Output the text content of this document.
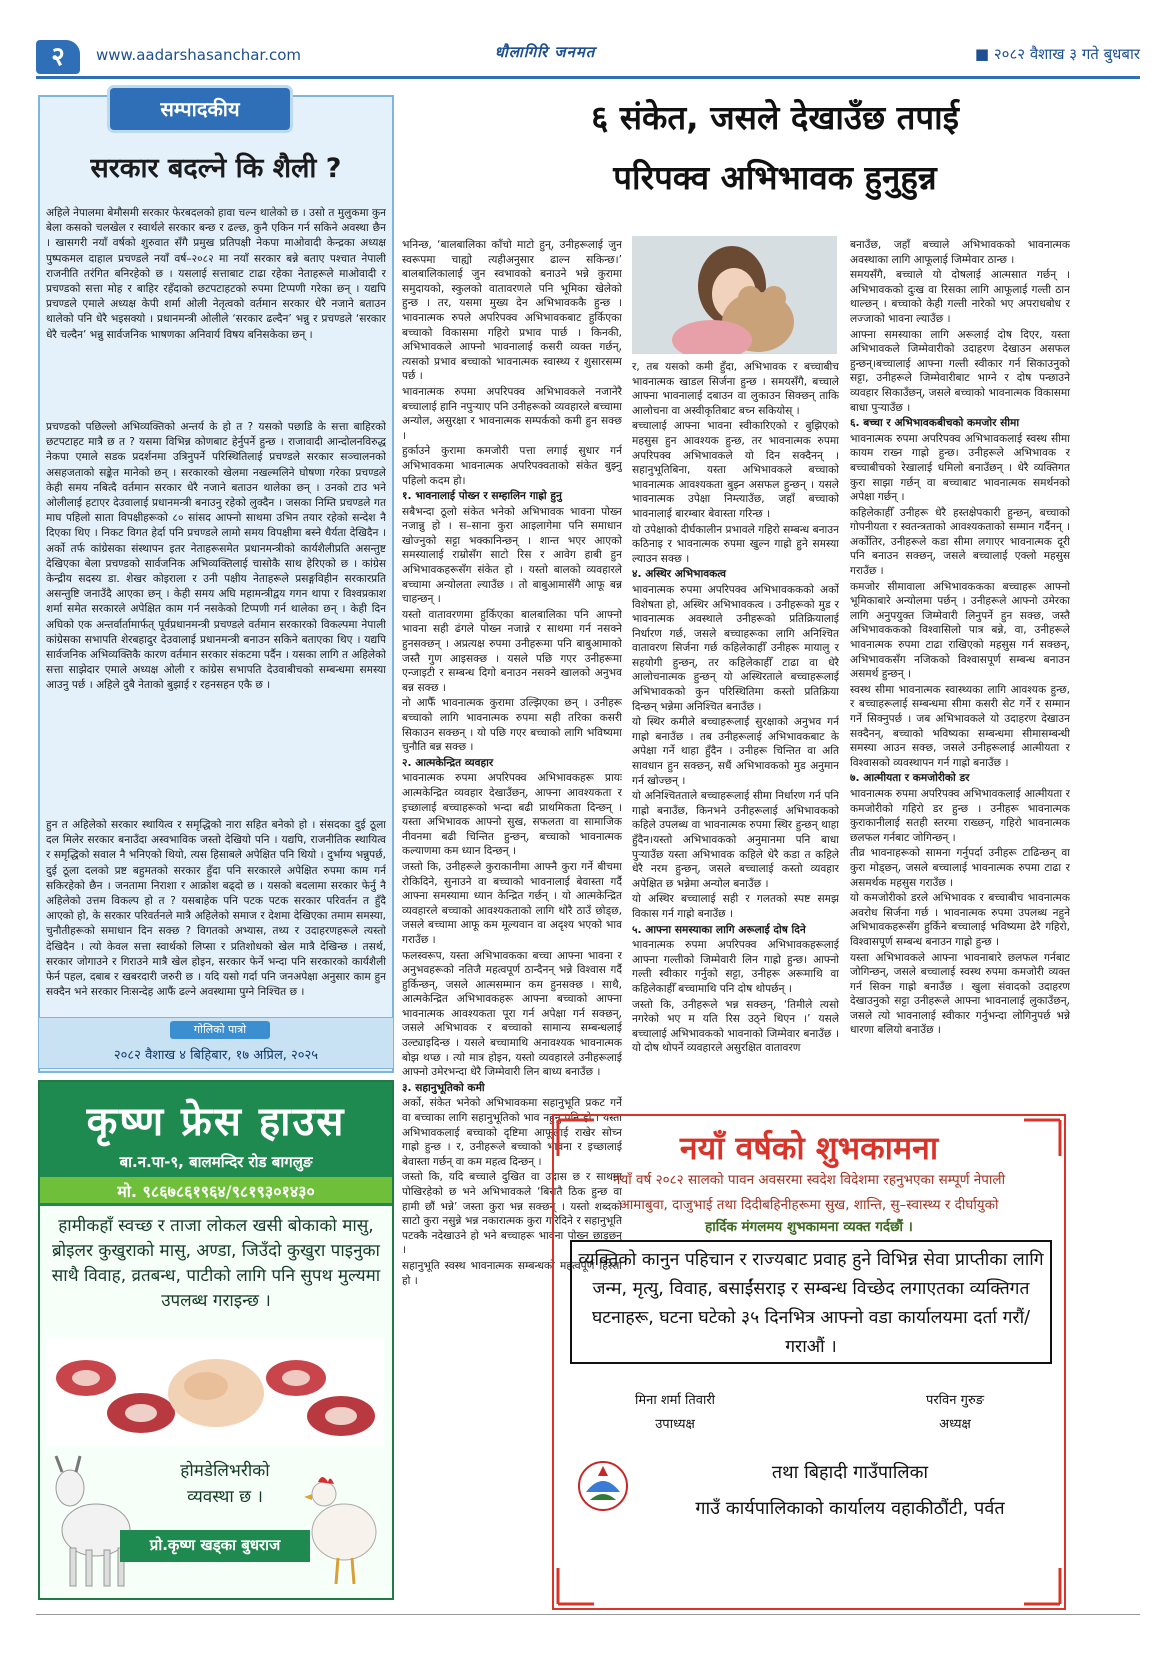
२	www.aadarshasanchar.com	धौलागिरि जनमत	■ २०८२ वैशाख ३ गते बुधबार
सम्पादकीय
सरकार बदल्ने कि शैली ?
अहिले नेपालमा बेमौसमी सरकार फेरबदलको हावा चल्न थालेको छ । उसो त मुलुकमा कुन बेला कसको चलखेल र स्वार्थले सरकार बन्छ र ढल्छ, कुनै एकिन गर्न सकिने अवस्था छैन । खासगरी नयाँ वर्षको शुरुवात सँगै प्रमुख प्रतिपक्षी नेकपा माओवादी केन्द्रका अध्यक्ष पुष्पकमल दाहाल प्रचण्डले नयाँ वर्ष–२०८२ मा नयाँ सरकार बन्ने बताए पश्चात नेपाली राजनीति तरंगित बनिरहेको छ । यसलाई सत्ताबाट टाढा रहेका नेताहरूले माओवादी र प्रचण्डको सत्ता मोह र बाहिर रहँदाको छटपटाहटको रुपमा टिप्पणी गरेका छन् । यद्यपि प्रचण्डले एमाले अध्यक्ष केपी शर्मा ओली नेतृत्वको वर्तमान सरकार धेरै नजाने बताउन थालेको पनि धेरै भइसक्यो । प्रधानमन्त्री ओलीले ‘सरकार ढल्दैन’ भन्नु र प्रचण्डले ‘सरकार धेरै चल्दैन’ भन्नु सार्वजनिक भाषणका अनिवार्य विषय बनिसकेका छन् ।
प्रचण्डको पछिल्लो अभिव्यक्तिको अन्तर्य के हो त ? यसको पछाडि के सत्ता बाहिरको छटपटाहट मात्रै छ त ? यसमा विभिन्न कोणबाट हेर्नुपर्ने हुन्छ । राजावादी आन्दोलनविरुद्ध नेकपा एमाले सडक प्रदर्शनमा उत्रिनुपर्ने परिस्थितिलाई प्रचण्डले सरकार सञ्चालनको असहजताको सङ्केत मानेको छन् । सरकारको खेलमा नखल्मलिने घोषणा गरेका प्रचण्डले केही समय नबित्दै वर्तमान सरकार धेरै नजाने बताउन थालेका छन् । उनको टाउ भने ओलीलाई हटाएर देउवालाई प्रधानमन्त्री बनाउनु रहेको लुक्दैन । जसका निम्ति प्रचण्डले गत माघ पहिलो साता विपक्षीहरूको ८० सांसद आफ्नो साथमा उभिन तयार रहेको सन्देश नै दिएका थिए । निकट विगत हेर्दा पनि प्रचण्डले लामो समय विपक्षीमा बस्ने धैर्यता देखिदैन । अर्को तर्फ कांग्रेसका संस्थापन इतर नेताहरूसमेत प्रधानमन्त्रीको कार्यशैलीप्रति असन्तुष्ट देखिएका बेला प्रचण्डको सार्वजनिक अभिव्यक्तिलाई चासोकै साथ हेरिएको छ । कांग्रेस केन्द्रीय सदस्य डा. शेखर कोइराला र उनी पक्षीय नेताहरूले प्रसङ्गविहीन सरकारप्रति असन्तुष्टि जनाउँदै आएका छन् । केही समय अघि महामन्त्रीद्वय गगन थापा र विश्वप्रकाश शर्मा समेत सरकारले अपेक्षित काम गर्न नसकेको टिप्पणी गर्न थालेका छन् । केही दिन अघिको एक अन्तर्वार्तामार्फत् पूर्वप्रधानमन्त्री प्रचण्डले वर्तमान सरकारको विकल्पमा नेपाली कांग्रेसका सभापति शेरबहादुर देउवालाई प्रधानमन्त्री बनाउन सकिने बताएका थिए । यद्यपि सार्वजनिक अभिव्यक्तिकै कारण वर्तमान सरकार संकटमा पर्दैन । यसका लागि त अहिलेको सत्ता साझेदार एमाले अध्यक्ष ओली र कांग्रेस सभापति देउवाबीचको सम्बन्धमा समस्या आउनु पर्छ । अहिले दुबै नेताको बुझाई र रहनसहन एकै छ ।
हुन त अहिलेको सरकार स्थायित्व र समृद्धिको नारा सहित बनेको हो । संसदका दुई ठूला दल मिलेर सरकार बनाउँदा अस्वभाविक जस्तो देखियो पनि । यद्यपि, राजनीतिक स्थायित्व र समृद्धिको सवाल नै भनिएको थियो, त्यस हिसाबले अपेक्षित पनि थियो । दुर्भाग्य भन्नुपर्छ, दुई ठूला दलको प्रष्ट बहुमतको सरकार हुँदा पनि सरकारले अपेक्षित रुपमा काम गर्न सकिरहेको छैन । जनतामा निराशा र आक्रोश बढ्दो छ । यसको बदलामा सरकार फेर्नु नै अहिलेको उत्तम विकल्प हो त ? यसबाहेक पनि पटक पटक सरकार परिवर्तन त हुँदै आएको हो, के सरकार परिवर्तनले मात्रै अहिलेको समाज र देशमा देखिएका तमाम समस्या, चुनौतीहरूको समाधान दिन सक्छ ? विगतको अभ्यास, तथ्य र उदाहरणहरूले त्यस्तो देखिदैन । त्यो केवल सत्ता स्वार्थको लिप्सा र प्रतिशोधको खेल मात्रै देखिन्छ । तसर्थ, सरकार जोगाउने र गिराउने मात्रै खेल होइन, सरकार फेर्ने भन्दा पनि सरकारको कार्यशैली फेर्न पहल, दबाब र खबरदारी जरुरी छ । यदि यसो गर्दा पनि जनअपेक्षा अनुसार काम हुन सक्दैन भने सरकार निःसन्देह आफैं ढल्ने अवस्थामा पुग्ने निश्चित छ ।
गोलिको पात्रो
२०८२ वैशाख ४ बिहिबार, १७ अप्रिल, २०२५
कृष्ण फ्रेस हाउस
बा.न.पा-९, बालमन्दिर रोड बागलुङ
मो. ९८६७८६१९६४/९८१९३०१४३०
हामीकहाँ स्वच्छ र ताजा लोकल खसी बोकाको मासु, ब्रोइलर कुखुराको मासु, अण्डा, जिउँदो कुखुरा पाइनुका साथै विवाह, व्रतबन्ध, पाटीको लागि पनि सुपथ मुल्यमा उपलब्ध गराइन्छ ।
होमडेलिभरीको
व्यवस्था छ ।
प्रो.कृष्ण खड्का बुधराज
६ संकेत, जसले देखाउँछ तपाई
परिपक्व अभिभावक हुनुहुन्न

भनिन्छ, ‘बालबालिका काँचो माटो हुन्, उनीहरूलाई जुन स्वरूपमा चाह्यो त्यहीअनुसार ढाल्न सकिन्छ।’ बालबालिकालाई जुन स्वभावको बनाउने भन्ने कुरामा समुदायको, स्कुलको वातावरणले पनि भूमिका खेलेको हुन्छ । तर, यसमा मुख्य देन अभिभावककै हुन्छ । भावनात्मक रुपले अपरिपक्व अभिभावकबाट हुर्किएका बच्चाको विकासमा गहिरो प्रभाव पार्छ । किनकी, अभिभावकले आफ्नो भावनालाई कसरी व्यक्त गर्छन्, त्यसको प्रभाव बच्चाको भावनात्मक स्वास्थ्य र शुसारसम्म पर्छ ।

भावनात्मक रुपमा अपरिपक्व अभिभावकले नजानेरै बच्चालाई हानि नपुर्‍याए पनि उनीहरूको व्यवहारले बच्चामा अन्योल, असुरक्षा र भावनात्मक सम्पर्कको कमी हुन सक्छ ।

हुर्काउने कुरामा कमजोरी पत्ता लगाई सुधार गर्न अभिभावकमा भावनात्मक अपरिपक्वताको संकेत बुझ्नु पहिलो कदम हो।

१. भावनालाई पोख्न र सम्हालिन गाह्रो हुनु

सबैभन्दा ठूलो संकेत भनेको अभिभावक भावना पोख्न नजान्नु हो । स–साना कुरा आइलागेमा पनि समाधान खोज्नुको सट्टा भक्कानिन्छन् । शान्त भएर आएको समस्यालाई राम्रोसँग साटो रिस र आवेग हाबी हुन अभिभावकहरूसँग संकेत हो । यस्तो बालको व्यवहारले बच्चामा अन्योलता ल्याउँछ । तो बाबुआमासँगै आफू बन्न चाहन्छन् ।

यस्तो वातावरणमा हुर्किएका बालबालिका पनि आफ्नो भावना सही ढंगले पोख्न नजान्ने र साथमा गर्न नसक्ने हुनसक्छन् । अप्रत्यक्ष रुपमा उनीहरूमा पनि बाबुआमाको जस्तै गुण आइसक्छ । यसले पछि गएर उनीहरूमा एन्जाइटी र सम्बन्ध दिगो बनाउन नसक्ने खालको अनुभव बन्न सक्छ ।

नो आफैँ भावनात्मक कुरामा उल्झिएका छन् । उनीहरू बच्चाको लागि भावनात्मक रुपमा सही तरिका कसरी सिकाउन सक्छन् । यो पछि गएर बच्चाको लागि भविष्यमा चुनौति बन्न सक्छ ।

२. आत्मकेन्द्रित व्यवहार

भावनात्मक रुपमा अपरिपक्व अभिभावकहरू प्रायः आत्मकेन्द्रित व्यवहार देखाउँछन्, आफ्ना आवश्यकता र इच्छालाई बच्चाहरूको भन्दा बढी प्राथमिकता दिन्छन् । यस्ता अभिभावक आफ्नो सुख, सफलता वा सामाजिक नीवनमा बढी चिन्तित हुन्छन्, बच्चाको भावनात्मक कल्याणमा कम ध्यान दिन्छन् ।

जस्तो कि, उनीहरूले कुराकानीमा आफ्नै कुरा गर्ने बीचमा रोकिदिने, सुनाउने वा बच्चाको भावनालाई बेवास्ता गर्दै आफ्ना समस्यामा ध्यान केन्द्रित गर्छन् । यो आत्मकेन्द्रित व्यवहारले बच्चाको आवश्यकताको लागि थोरै ठाउँ छोड्छ, जसले बच्चामा आफू कम मूल्यवान वा अदृश्य भएको भाव गराउँछ ।

फलस्वरूप, यस्ता अभिभावकका बच्चा आफ्ना भावना र अनुभवहरूको नतिजै महत्वपूर्ण ठान्दैनन् भन्ने विश्वास गर्दै हुर्किन्छन्, जसले आत्मसम्मान कम हुनसक्छ । साथै, आत्मकेन्द्रित अभिभावकहरू आफ्ना बच्चाको आफ्ना भावनात्मक आवश्यकता पूरा गर्न अपेक्षा गर्न सक्छन्, जसले अभिभावक र बच्चाको सामान्य सम्बन्धलाई उल्ट्याइदिन्छ । यसले बच्चामाथि अनावश्यक भावनात्मक बोझ थप्छ । त्यो मात्र होइन, यस्तो व्यवहारले उनीहरूलाई आफ्नो उमेरभन्दा धेरै जिम्मेवारी लिन बाध्य बनाउँछ ।

३. सहानुभूतिको कमी

अर्को, संकेत भनेको अभिभावकमा सहानुभूति प्रकट गर्ने वा बच्चाका लागि सहानुभूतिको भाव नहुनु पनि हो । यस्ता अभिभावकलाई बच्चाको दृष्टिमा आफूलाई राखेर सोच्न गाह्रो हुन्छ । र, उनीहरूले बच्चाको भावना र इच्छालाई बेवास्ता गर्छन् वा कम महत्व दिन्छन् ।

जस्तो कि, यदि बच्चाले दुखित वा उदास छ र साथमा पोखिरहेको छ भने अभिभावकले ‘बिरातै ठिक हुन्छ वा हामी छौं भन्ने’ जस्ता कुरा भन्न सक्छन् । यस्तो शब्दको साटो कुरा नसुन्ने भन्न नकारात्मक कुरा गरिदिने र सहानुभूति पटक्कै नदेखाउने हो भने बच्चाहरू भावना पोख्न छाड्छन् ।

सहानुभूति स्वस्थ भावनात्मक सम्बन्धको महत्वपूर्ण हिस्सा हो ।

र, तब यसको कमी हुँदा, अभिभावक र बच्चाबीच भावनात्मक खाडल सिर्जना हुन्छ । समयसँगै, बच्चाले आफ्ना भावनालाई दबाउन वा लुकाउन सिक्छन् ताकि आलोचना वा अस्वीकृतिबाट बच्न सकियोस् ।

बच्चालाई आफ्ना भावना स्वीकारिएको र बुझिएको महसुस हुन आवश्यक हुन्छ, तर भावनात्मक रुपमा अपरिपक्व अभिभावकले यो दिन सक्दैनन् । सहानुभूतिबिना, यस्ता अभिभावकले बच्चाको भावनात्मक आवश्यकता बुझ्न असफल हुन्छन् । यसले भावनात्मक उपेक्षा निम्त्याउँछ, जहाँ बच्चाको भावनालाई बारम्बार बेवास्ता गरिन्छ ।

यो उपेक्षाको दीर्घकालीन प्रभावले गहिरो सम्बन्ध बनाउन कठिनाइ र भावनात्मक रुपमा खुल्न गाह्रो हुने समस्या ल्याउन सक्छ ।

४. अस्थिर अभिभावकत्व

भावनात्मक रुपमा अपरिपक्व अभिभावककको अर्को विशेषता हो, अस्थिर अभिभावकत्व । उनीहरूको मुड र भावनात्मक अवस्थाले उनीहरूको प्रतिक्रियालाई निर्धारण गर्छ, जसले बच्चाहरूका लागि अनिश्चित वातावरण सिर्जना गर्छ कहिलेकाहीँ उनीहरू मायालु र सहयोगी हुन्छन्, तर कहिलेकाहीँ टाढा वा धेरै आलोचनात्मक हुन्छन् यो अस्थिरताले बच्चाहरूलाई अभिभावकको कुन परिस्थितिमा कस्तो प्रतिक्रिया दिन्छन् भन्नेमा अनिश्चित बनाउँछ ।

यो स्थिर कमीले बच्चाहरूलाई सुरक्षाको अनुभव गर्न गाह्रो बनाउँछ । तब उनीहरूलाई अभिभावकबाट के अपेक्षा गर्ने थाहा हुँदैन । उनीहरू चिन्तित वा अति सावधान हुन सक्छन्, सधैं अभिभावकको मुड अनुमान गर्न खोज्छन् ।

यो अनिश्चितताले बच्चाहरूलाई सीमा निर्धारण गर्न पनि गाह्रो बनाउँछ, किनभने उनीहरूलाई अभिभावकको कहिले उपलब्ध वा भावनात्मक रुपमा स्थिर हुन्छन् थाहा हुँदैन।यस्तो अभिभावकको अनुमानमा पनि बाधा पुर्‍याउँछ यस्ता अभिभावक कहिले धेरै कडा त कहिले धेरै नरम हुन्छन्, जसले बच्चालाई कस्तो व्यवहार अपेक्षित छ भन्नेमा अन्योल बनाउँछ ।

यो अस्थिर बच्चालाई सही र गलतको स्पष्ट समझ विकास गर्न गाह्रो बनाउँछ ।

५. आफ्ना समस्याका लागि अरूलाई दोष दिने

भावनात्मक रुपमा अपरिपक्व अभिभावकहरूलाई आफ्ना गल्तीको जिम्मेवारी लिन गाह्रो हुन्छ। आफ्नो गल्ती स्वीकार गर्नुको सट्टा, उनीहरू अरूमाथि वा कहिलेकाहीँ बच्चामाथि पनि दोष थोपर्छन् ।

जस्तो कि, उनीहरूले भन्न सक्छन्, ‘तिमीले त्यसो नगरेको भए म यति रिस उठ्ने थिएन ।’ यसले बच्चालाई अभिभावकको भावनाको जिम्मेवार बनाउँछ । यो दोष थोपर्ने व्यवहारले असुरक्षित वातावरण

बनाउँछ, जहाँ बच्चाले अभिभावकको भावनात्मक अवस्थाका लागि आफूलाई जिम्मेवार ठान्छ ।

समयसँगै, बच्चाले यो दोषलाई आत्मसात गर्छन् । अभिभावकको दुःख वा रिसका लागि आफूलाई गल्ती ठान थाल्छन् । बच्चाको केही गल्ती नारेको भए अपराधबोध र लज्जाको भावना ल्याउँछ ।

आफ्ना समस्याका लागि अरूलाई दोष दिएर, यस्ता अभिभावकले जिम्मेवारीको उदाहरण देखाउन असफल हुन्छन्।बच्चालाई आफ्ना गल्ती स्वीकार गर्न सिकाउनुको सट्टा, उनीहरूले जिम्मेवारीबाट भाग्ने र दोष पन्छाउने व्यवहार सिकाउँछन्, जसले बच्चाको भावनात्मक विकासमा बाधा पुर्‍याउँछ ।

६. बच्चा र अभिभावकबीचको कमजोर सीमा

भावनात्मक रुपमा अपरिपक्व अभिभावकलाई स्वस्थ सीमा कायम राख्न गाह्रो हुन्छ। उनीहरूले अभिभावक र बच्चाबीचको रेखालाई धमिलो बनाउँछन् । धेरै व्यक्तिगत कुरा साझा गर्छन् वा बच्चाबाट भावनात्मक समर्थनको अपेक्षा गर्छन् ।

कहिलेकाहीँ उनीहरू धेरै हस्तक्षेपकारी हुन्छन्, बच्चाको गोपनीयता र स्वतन्त्रताको आवश्यकताको सम्मान गर्दैनन् । अर्कोतिर, उनीहरूले कडा सीमा लगाएर भावनात्मक दूरी पनि बनाउन सक्छन्, जसले बच्चालाई एक्लो महसुस गराउँछ ।

कमजोर सीमावाला अभिभावककका बच्चाहरू आफ्नो भूमिकाबारे अन्योलमा पर्छन् । उनीहरूले आफ्नो उमेरका लागि अनुपयुक्त जिम्मेवारी लिनुपर्ने हुन सक्छ, जस्तै अभिभावककको विश्वासिलो पात्र बन्ने, वा, उनीहरूले भावनात्मक रुपमा टाढा राखिएको महसुस गर्न सक्छन्, अभिभावकसँग नजिकको विश्वासपूर्ण सम्बन्ध बनाउन असमर्थ हुन्छन् ।

स्वस्थ सीमा भावनात्मक स्वास्थ्यका लागि आवश्यक हुन्छ, र बच्चाहरूलाई सम्बन्धमा सीमा कसरी सेट गर्ने र सम्मान गर्ने सिक्नुपर्छ । जब अभिभावकले यो उदाहरण देखाउन सक्दैनन्, बच्चाको भविष्यका सम्बन्धमा सीमासम्बन्धी समस्या आउन सक्छ, जसले उनीहरूलाई आत्मीयता र विश्वासको व्यवस्थापन गर्न गाह्रो बनाउँछ ।

७. आत्मीयता र कमजोरीको डर

भावनात्मक रुपमा अपरिपक्व अभिभावकलाई आत्मीयता र कमजोरीको गहिरो डर हुन्छ । उनीहरू भावनात्मक कुराकानीलाई सतही स्तरमा राख्छन्, गहिरो भावनात्मक छलफल गर्नबाट जोगिन्छन् ।

तीव्र भावनाहरूको सामना गर्नुपर्दा उनीहरू टाढिन्छन् वा कुरा मोड्छन्, जसले बच्चालाई भावनात्मक रुपमा टाढा र असमर्थक महसुस गराउँछ ।

यो कमजोरीको डरले अभिभावक र बच्चाबीच भावनात्मक अवरोध सिर्जना गर्छ । भावनात्मक रुपमा उपलब्ध नहुने अभिभावकहरूसँग हुर्किने बच्चालाई भविष्यमा ढेरै गहिरो, विश्वासपूर्ण सम्बन्ध बनाउन गाह्रो हुन्छ ।

यस्ता अभिभावकले आफ्ना भावनाबारे छलफल गर्नबाट जोगिन्छन्, जसले बच्चालाई स्वस्थ रुपमा कमजोरी व्यक्त गर्न सिक्न गाह्रो बनाउँछ । खुला संवादको उदाहरण देखाउनुको सट्टा उनीहरूले आफ्ना भावनालाई लुकाउँछन्, जसले त्यो भावनालाई स्वीकार गर्नुभन्दा लोगिनुपर्छ भन्ने धारणा बलियो बनाउँछ ।

नयाँ वर्षको शुभकामना
नयाँ वर्ष २०८२ सालको पावन अवसरमा स्वदेश विदेशमा रहनुभएका सम्पूर्ण नेपाली
आमाबुवा, दाजुभाई तथा दिदीबहिनीहरूमा सुख, शान्ति, सु–स्वास्थ्य र दीर्घायुको
हार्दिक मंगलमय शुभकामना व्यक्त गर्दछौं ।
व्यक्तिको कानुन पहिचान र राज्यबाट प्रवाह हुने विभिन्न सेवा प्राप्तीका लागि जन्म, मृत्यु, विवाह, बसाईंसराइ र सम्बन्ध विच्छेद लगाएतका व्यक्तिगत घटनाहरू, घटना घटेको ३५ दिनभित्र आफ्नो वडा कार्यालयमा दर्ता गरौं/गराऔं ।
मिना शर्मा तिवारी
उपाध्यक्ष
परविन गुरुङ
अध्यक्ष
तथा बिहादी गाउँपालिका
गाउँ कार्यपालिकाको कार्यालय वहाकीठौंटी, पर्वत
